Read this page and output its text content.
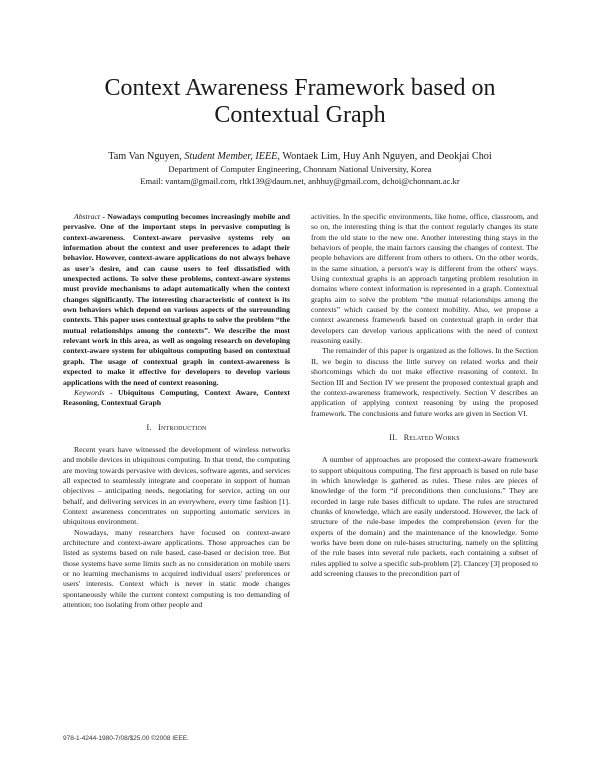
Context Awareness Framework based on Contextual Graph
Tam Van Nguyen, Student Member, IEEE, Wontaek Lim, Huy Anh Nguyen, and Deokjai Choi
Department of Computer Engineering, Chonnam National University, Korea
Email: vantam@gmail.com, rltk139@daum.net, anhhuy@gmail.com, dchoi@chonnam.ac.kr

Abstract - Nowadays computing becomes increasingly mobile and pervasive. One of the important steps in pervasive computing is context-awareness. Context-aware pervasive systems rely on information about the context and user preferences to adapt their behavior. However, context-aware applications do not always behave as user's desire, and can cause users to feel dissatisfied with unexpected actions. To solve these problems, context-aware systems must provide mechanisms to adapt automatically when the context changes significantly. The interesting characteristic of context is its own behaviors which depend on various aspects of the surrounding contexts. This paper uses contextual graphs to solve the problem “the mutual relationships among the contexts”. We describe the most relevant work in this area, as well as ongoing research on developing context-aware system for ubiquitous computing based on contextual graph. The usage of contextual graph in context-awareness is expected to make it effective for developers to develop various applications with the need of context reasoning.

Keywords - Ubiquitous Computing, Context Aware, Context Reasoning, Contextual Graph

I. Introduction

Recent years have witnessed the development of wireless networks and mobile devices in ubiquitous computing. In that trend, the computing are moving towards pervasive with devices, software agents, and services all expected to seamlessly integrate and cooperate in support of human objectives – anticipating needs, negotiating for service, acting on our behalf, and delivering services in an everywhere, every time fashion [1]. Context awareness concentrates on supporting automatic services in ubiquitous environment.

Nowadays, many researchers have focused on context-aware architecture and context-aware applications. Those approaches can be listed as systems based on rule based, case-based or decision tree. But those systems have some limits such as no consideration on mobile users or no learning mechanisms to acquired individual users' preferences or users' interests. Context which is never in static mode changes spontaneously while the current context computing is too demanding of attention; too isolating from other people and

activities. In the specific environments, like home, office, classroom, and so on, the interesting thing is that the context regularly changes its state from the old state to the new one. Another interesting thing stays in the behaviors of people, the main factors causing the changes of context. The people behaviors are different from others to others. On the other words, in the same situation, a person's way is different from the others' ways. Using contextual graphs is an approach targeting problem resolution in domains where context information is represented in a graph. Contextual graphs aim to solve the problem “the mutual relationships among the contexts” which caused by the context mobility. Also, we propose a context awareness framework based on contextual graph in order that developers can develop various applications with the need of context reasoning easily.

The remainder of this paper is organized as the follows. In the Section II, we begin to discuss the little survey on related works and their shortcomings which do not make effective reasoning of context. In Section III and Section IV we present the proposed contextual graph and the context-awareness framework, respectively. Section V describes an application of applying context reasoning by using the proposed framework. The conclusions and future works are given in Section VI.

II. Related Works

A number of approaches are proposed the context-aware framework to support ubiquitous computing. The first approach is based on rule base in which knowledge is gathered as rules. These rules are pieces of knowledge of the form “if preconditions then conclusions.” They are recorded in large rule bases difficult to update. The rules are structured chunks of knowledge, which are easily understood. However, the lack of structure of the rule-base impedes the comprehension (even for the experts of the domain) and the maintenance of the knowledge. Some works have been done on rule-bases structuring, namely on the splitting of the rule bases into several rule packets, each containing a subset of rules applied to solve a specific sub-problem [2]. Clancey [3] proposed to add screening clauses to the precondition part of

978-1-4244-1980-7/08/$25.00 ©2008 IEEE.
